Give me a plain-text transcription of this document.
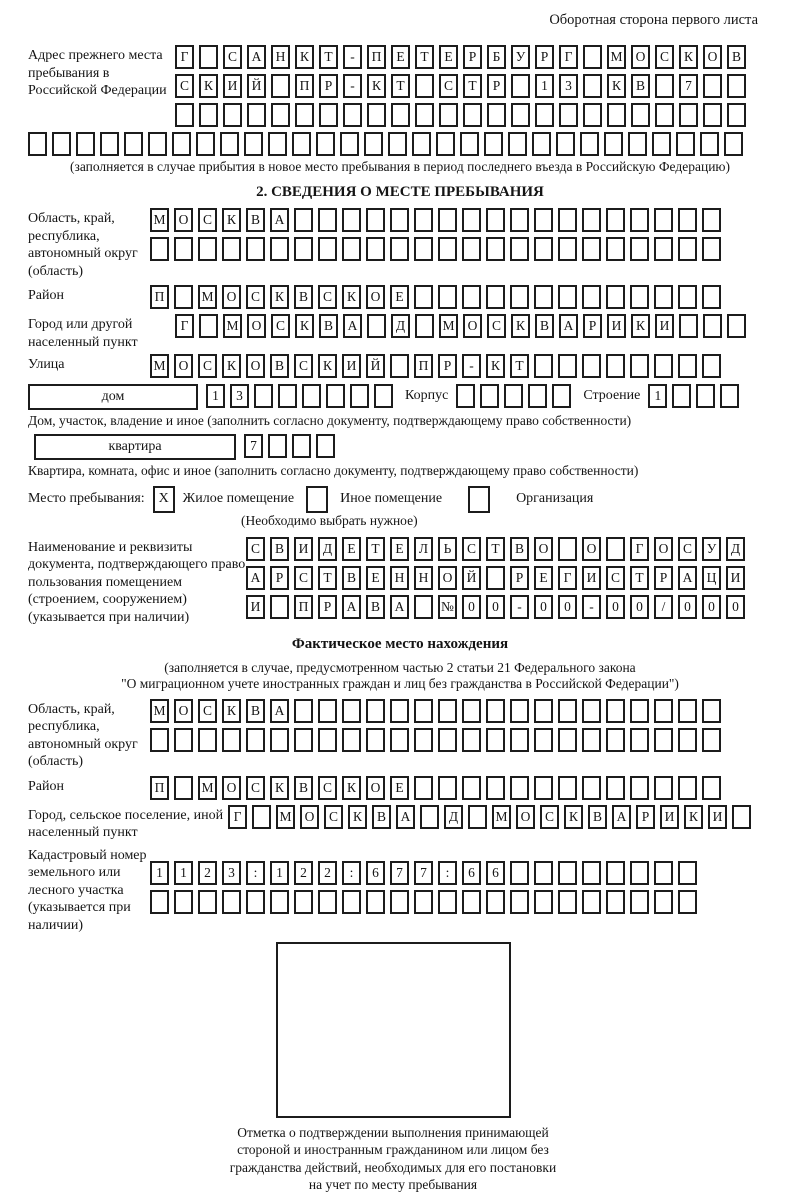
Оборотная сторона первого листа
Адрес прежнего места пребывания в Российской Федерации
Г	С	А	Н	К	Т	-	П	Е	Т	Е	Р	Б	У	Р	Г	М О	С	К	О	В
С	К	И	Й	П	Р	-	К	Т	С	Т	Р	1	3	К	В	7
(заполняется в случае прибытия в новое место пребывания в период последнего въезда в Российскую Федерацию)
2. СВЕДЕНИЯ О МЕСТЕ ПРЕБЫВАНИЯ
Область, край, республика, автономный округ (область)
М О	С	К	В	А
Район	П	М О	С	К	В	С	К	О	Е
Город или другой населенный пункт
Г	М О	С	К	В	А	Д	М О	С	К	В	А	Р	И	К	И
Улица	М О	С	К	О	В	С	К	И	Й	П	Р	-	К	Т
дом	1	3	Корпус	Строение	1
Дом, участок, владение и иное (заполнить согласно документу, подтверждающему право собственности)
квартира	7
Квартира, комната, офис и иное (заполнить согласно документу, подтверждающему право собственности)
Место пребывания: X Жилое помещение	Иное помещение	Организация
(Необходимо выбрать нужное)
Наименование и реквизиты документа, подтверждающего право пользования помещением (строением, сооружением) (указывается при наличии)
С	В	И	Д	Е	Т	Е	Л	Ь	С	Т	В	О	О	Г	О	С	У	Д
А	Р	С	Т	В	Е	Н	Н	О	Й	Р	Е	Г	И	С	Т	Р	А	Ц	И
И	П	Р	А	В	А	№	0	0	-	0	0	-	0	0	/	0	0	0
Фактическое место нахождения
(заполняется в случае, предусмотренном частью 2 статьи 21 Федерального закона
"О миграционном учете иностранных граждан и лиц без гражданства в Российской Федерации")
Область, край, республика, автономный округ (область)
М О	С	К	В	А
Район	П	М О	С	К	В	С	К	О	Е
Город, сельское поселение, иной населенный пункт
Г	М О	С	К	В	А	Д	М О	С	К	В	А	Р	И	К	И
Кадастровый номер земельного или лесного участка (указывается при наличии)
1	1	2	3	:	1	2	2	:	6	7	7	:	6	6
Отметка о подтверждении выполнения принимающей стороной и иностранным гражданином или лицом без гражданства действий, необходимых для его постановки на учет по месту пребывания
